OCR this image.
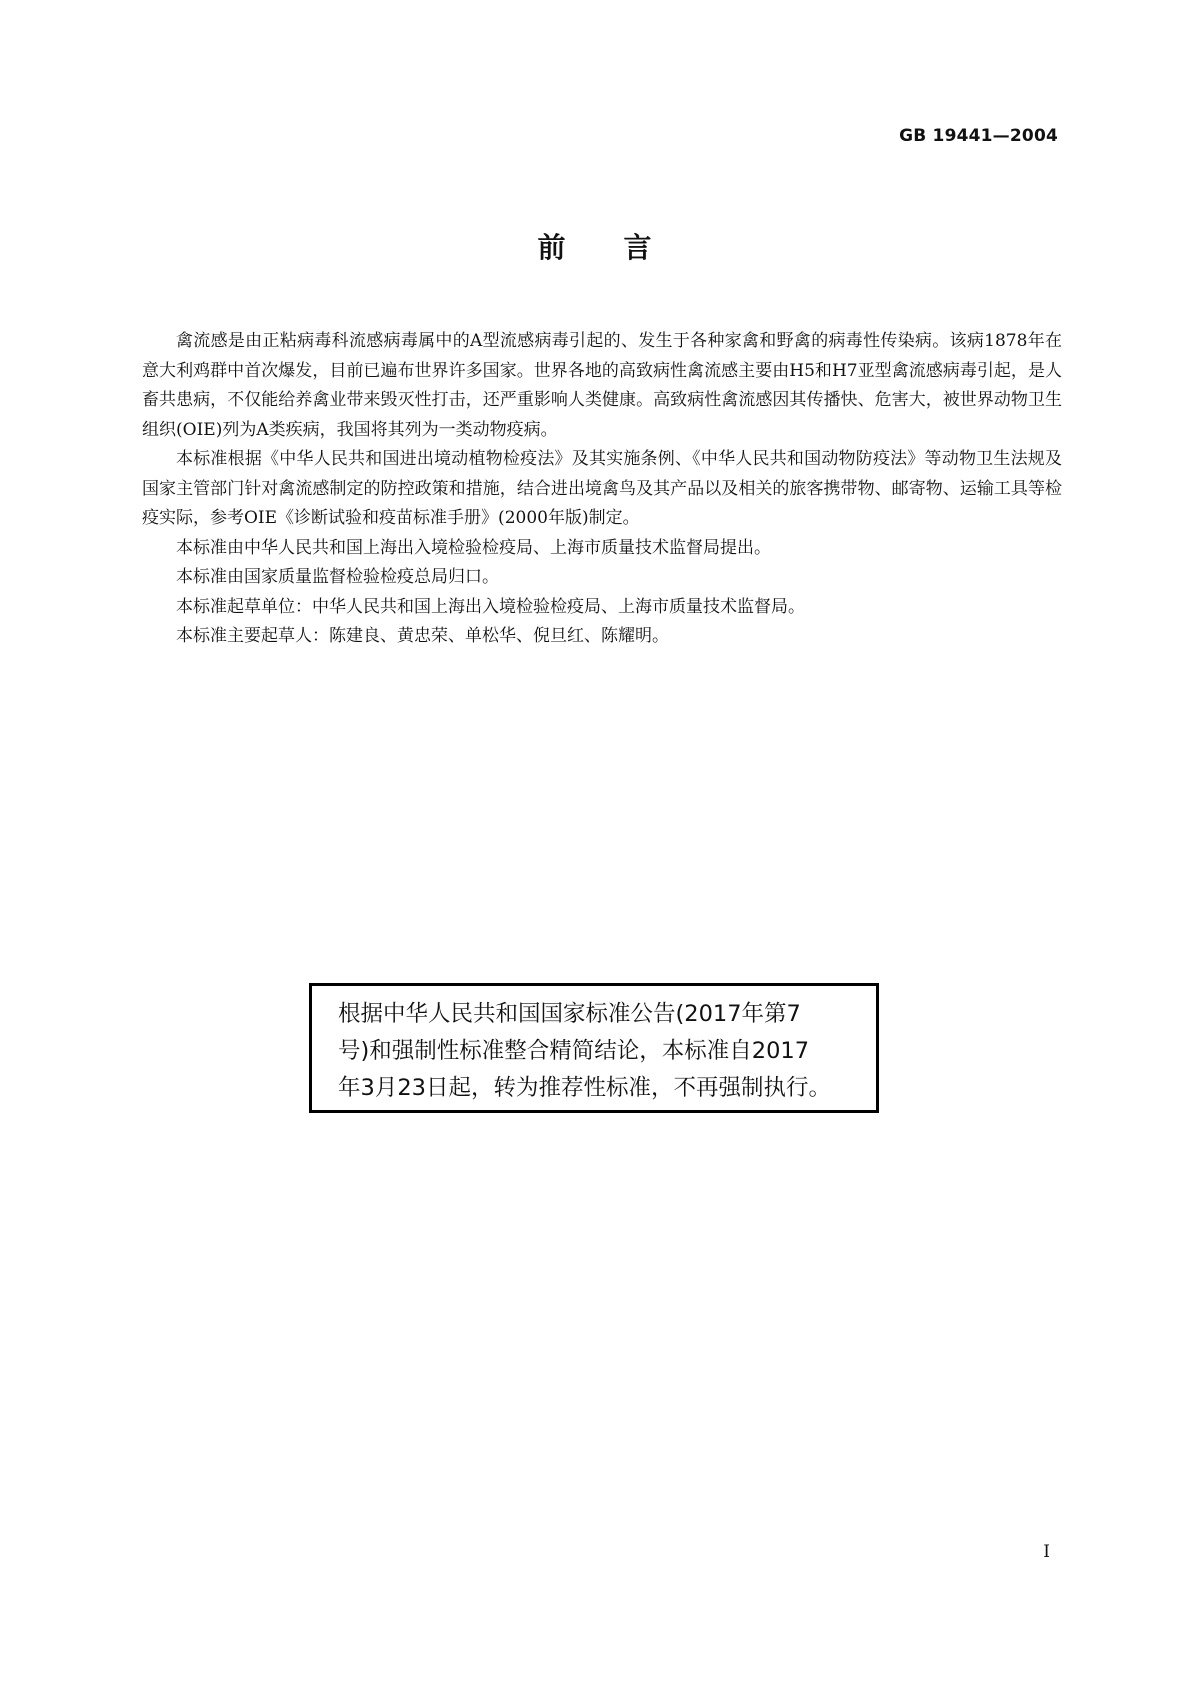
GB 19441—2004
前 言

禽流感是由正粘病毒科流感病毒属中的A型流感病毒引起的、发生于各种家禽和野禽的病毒性传染病。该病1878年在意大利鸡群中首次爆发，目前已遍布世界许多国家。世界各地的高致病性禽流感主要由H5和H7亚型禽流感病毒引起，是人畜共患病，不仅能给养禽业带来毁灭性打击，还严重影响人类健康。高致病性禽流感因其传播快、危害大，被世界动物卫生组织(OIE)列为A类疾病，我国将其列为一类动物疫病。

本标准根据《中华人民共和国进出境动植物检疫法》及其实施条例、《中华人民共和国动物防疫法》等动物卫生法规及国家主管部门针对禽流感制定的防控政策和措施，结合进出境禽鸟及其产品以及相关的旅客携带物、邮寄物、运输工具等检疫实际，参考OIE《诊断试验和疫苗标准手册》(2000年版)制定。

本标准由中华人民共和国上海出入境检验检疫局、上海市质量技术监督局提出。

本标准由国家质量监督检验检疫总局归口。

本标准起草单位：中华人民共和国上海出入境检验检疫局、上海市质量技术监督局。

本标准主要起草人：陈建良、黄忠荣、单松华、倪旦红、陈耀明。

根据中华人民共和国国家标准公告(2017年第7
号)和强制性标准整合精简结论，本标准自2017
年3月23日起，转为推荐性标准，不再强制执行。
I
